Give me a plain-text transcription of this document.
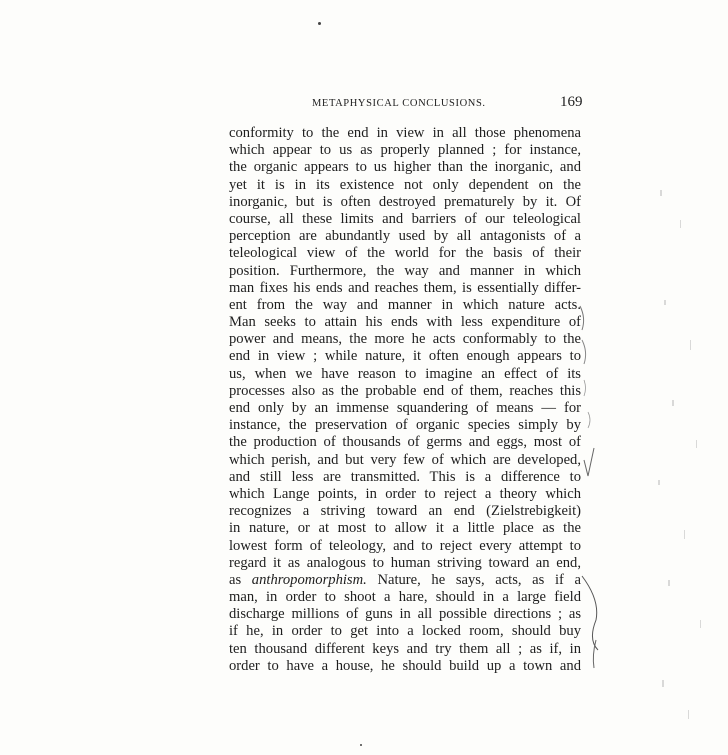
METAPHYSICAL CONCLUSIONS.	169
conformity to the end in view in all those phenomena
which appear to us as properly planned ; for instance,
the organic appears to us higher than the inorganic, and
yet it is in its existence not only dependent on the
inorganic, but is often destroyed prematurely by it. Of
course, all these limits and barriers of our teleological
perception are abundantly used by all antagonists of a
teleological view of the world for the basis of their
position. Furthermore, the way and manner in which
man fixes his ends and reaches them, is essentially differ-
ent from the way and manner in which nature acts.
Man seeks to attain his ends with less expenditure of
power and means, the more he acts conformably to the
end in view ; while nature, it often enough appears to
us, when we have reason to imagine an effect of its
processes also as the probable end of them, reaches this
end only by an immense squandering of means — for
instance, the preservation of organic species simply by
the production of thousands of germs and eggs, most of
which perish, and but very few of which are developed,
and still less are transmitted. This is a difference to
which Lange points, in order to reject a theory which
recognizes a striving toward an end (Zielstrebigkeit)
in nature, or at most to allow it a little place as the
lowest form of teleology, and to reject every attempt to
regard it as analogous to human striving toward an end,
as anthropomorphism. Nature, he says, acts, as if a
man, in order to shoot a hare, should in a large field
discharge millions of guns in all possible directions ; as
if he, in order to get into a locked room, should buy
ten thousand different keys and try them all ; as if, in
order to have a house, he should build up a town and
